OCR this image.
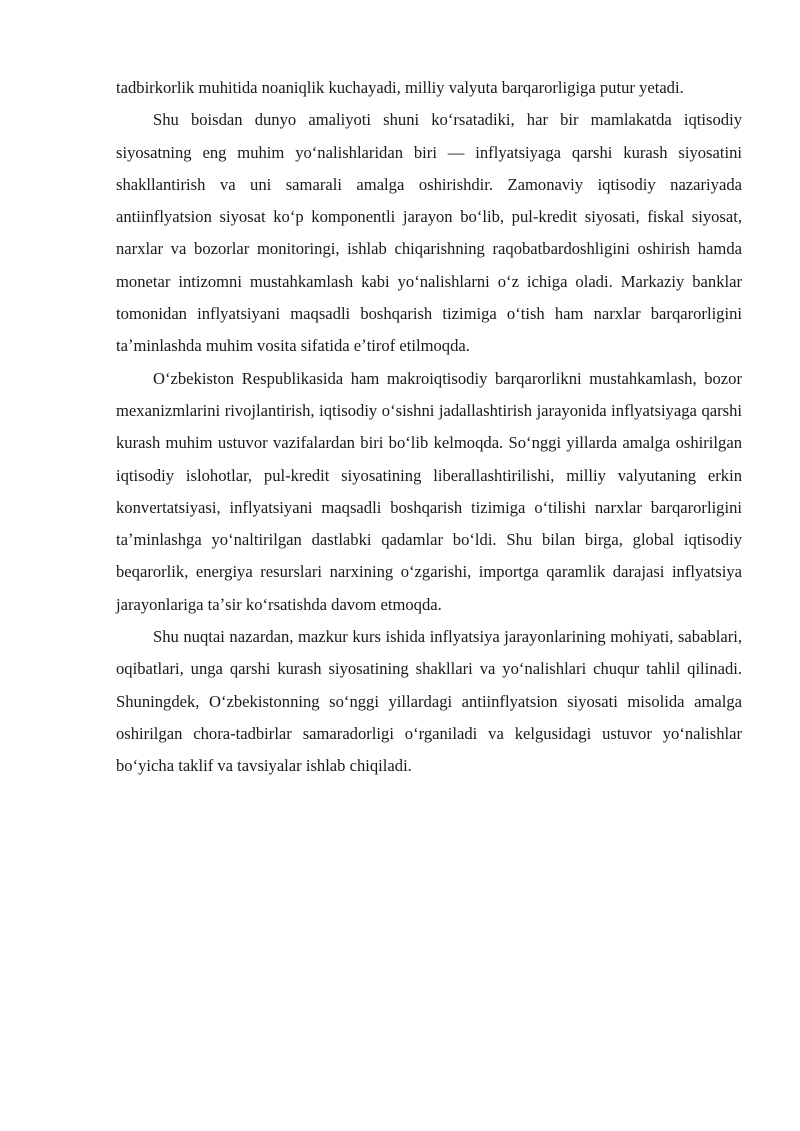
tadbirkorlik muhitida noaniqlik kuchayadi, milliy valyuta barqarorligiga putur yetadi.

Shu boisdan dunyo amaliyoti shuni koʻrsatadiki, har bir mamlakatda iqtisodiy siyosatning eng muhim yoʻnalishlaridan biri — inflyatsiyaga qarshi kurash siyosatini shakllantirish va uni samarali amalga oshirishdir. Zamonaviy iqtisodiy nazariyada antiinflyatsion siyosat koʻp komponentli jarayon boʻlib, pul-kredit siyosati, fiskal siyosat, narxlar va bozorlar monitoringi, ishlab chiqarishning raqobatbardoshligini oshirish hamda monetar intizomni mustahkamlash kabi yoʻnalishlarni oʻz ichiga oladi. Markaziy banklar tomonidan inflyatsiyani maqsadli boshqarish tizimiga oʻtish ham narxlar barqarorligini taʼminlashda muhim vosita sifatida eʼtirof etilmoqda.

Oʻzbekiston Respublikasida ham makroiqtisodiy barqarorlikni mustahkamlash, bozor mexanizmlarini rivojlantirish, iqtisodiy oʻsishni jadallashtirish jarayonida inflyatsiyaga qarshi kurash muhim ustuvor vazifalardan biri boʻlib kelmoqda. Soʻnggi yillarda amalga oshirilgan iqtisodiy islohotlar, pul-kredit siyosatining liberallashtirilishi, milliy valyutaning erkin konvertatsiyasi, inflyatsiyani maqsadli boshqarish tizimiga oʻtilishi narxlar barqarorligini taʼminlashga yoʻnaltirilgan dastlabki qadamlar boʻldi. Shu bilan birga, global iqtisodiy beqarorlik, energiya resurslari narxining oʻzgarishi, importga qaramlik darajasi inflyatsiya jarayonlariga taʼsir koʻrsatishda davom etmoqda.

Shu nuqtai nazardan, mazkur kurs ishida inflyatsiya jarayonlarining mohiyati, sabablari, oqibatlari, unga qarshi kurash siyosatining shakllari va yoʻnalishlari chuqur tahlil qilinadi. Shuningdek, Oʻzbekistonning soʻnggi yillardagi antiinflyatsion siyosati misolida amalga oshirilgan chora-tadbirlar samaradorligi oʻrganiladi va kelgusidagi ustuvor yoʻnalishlar boʻyicha taklif va tavsiyalar ishlab chiqiladi.
